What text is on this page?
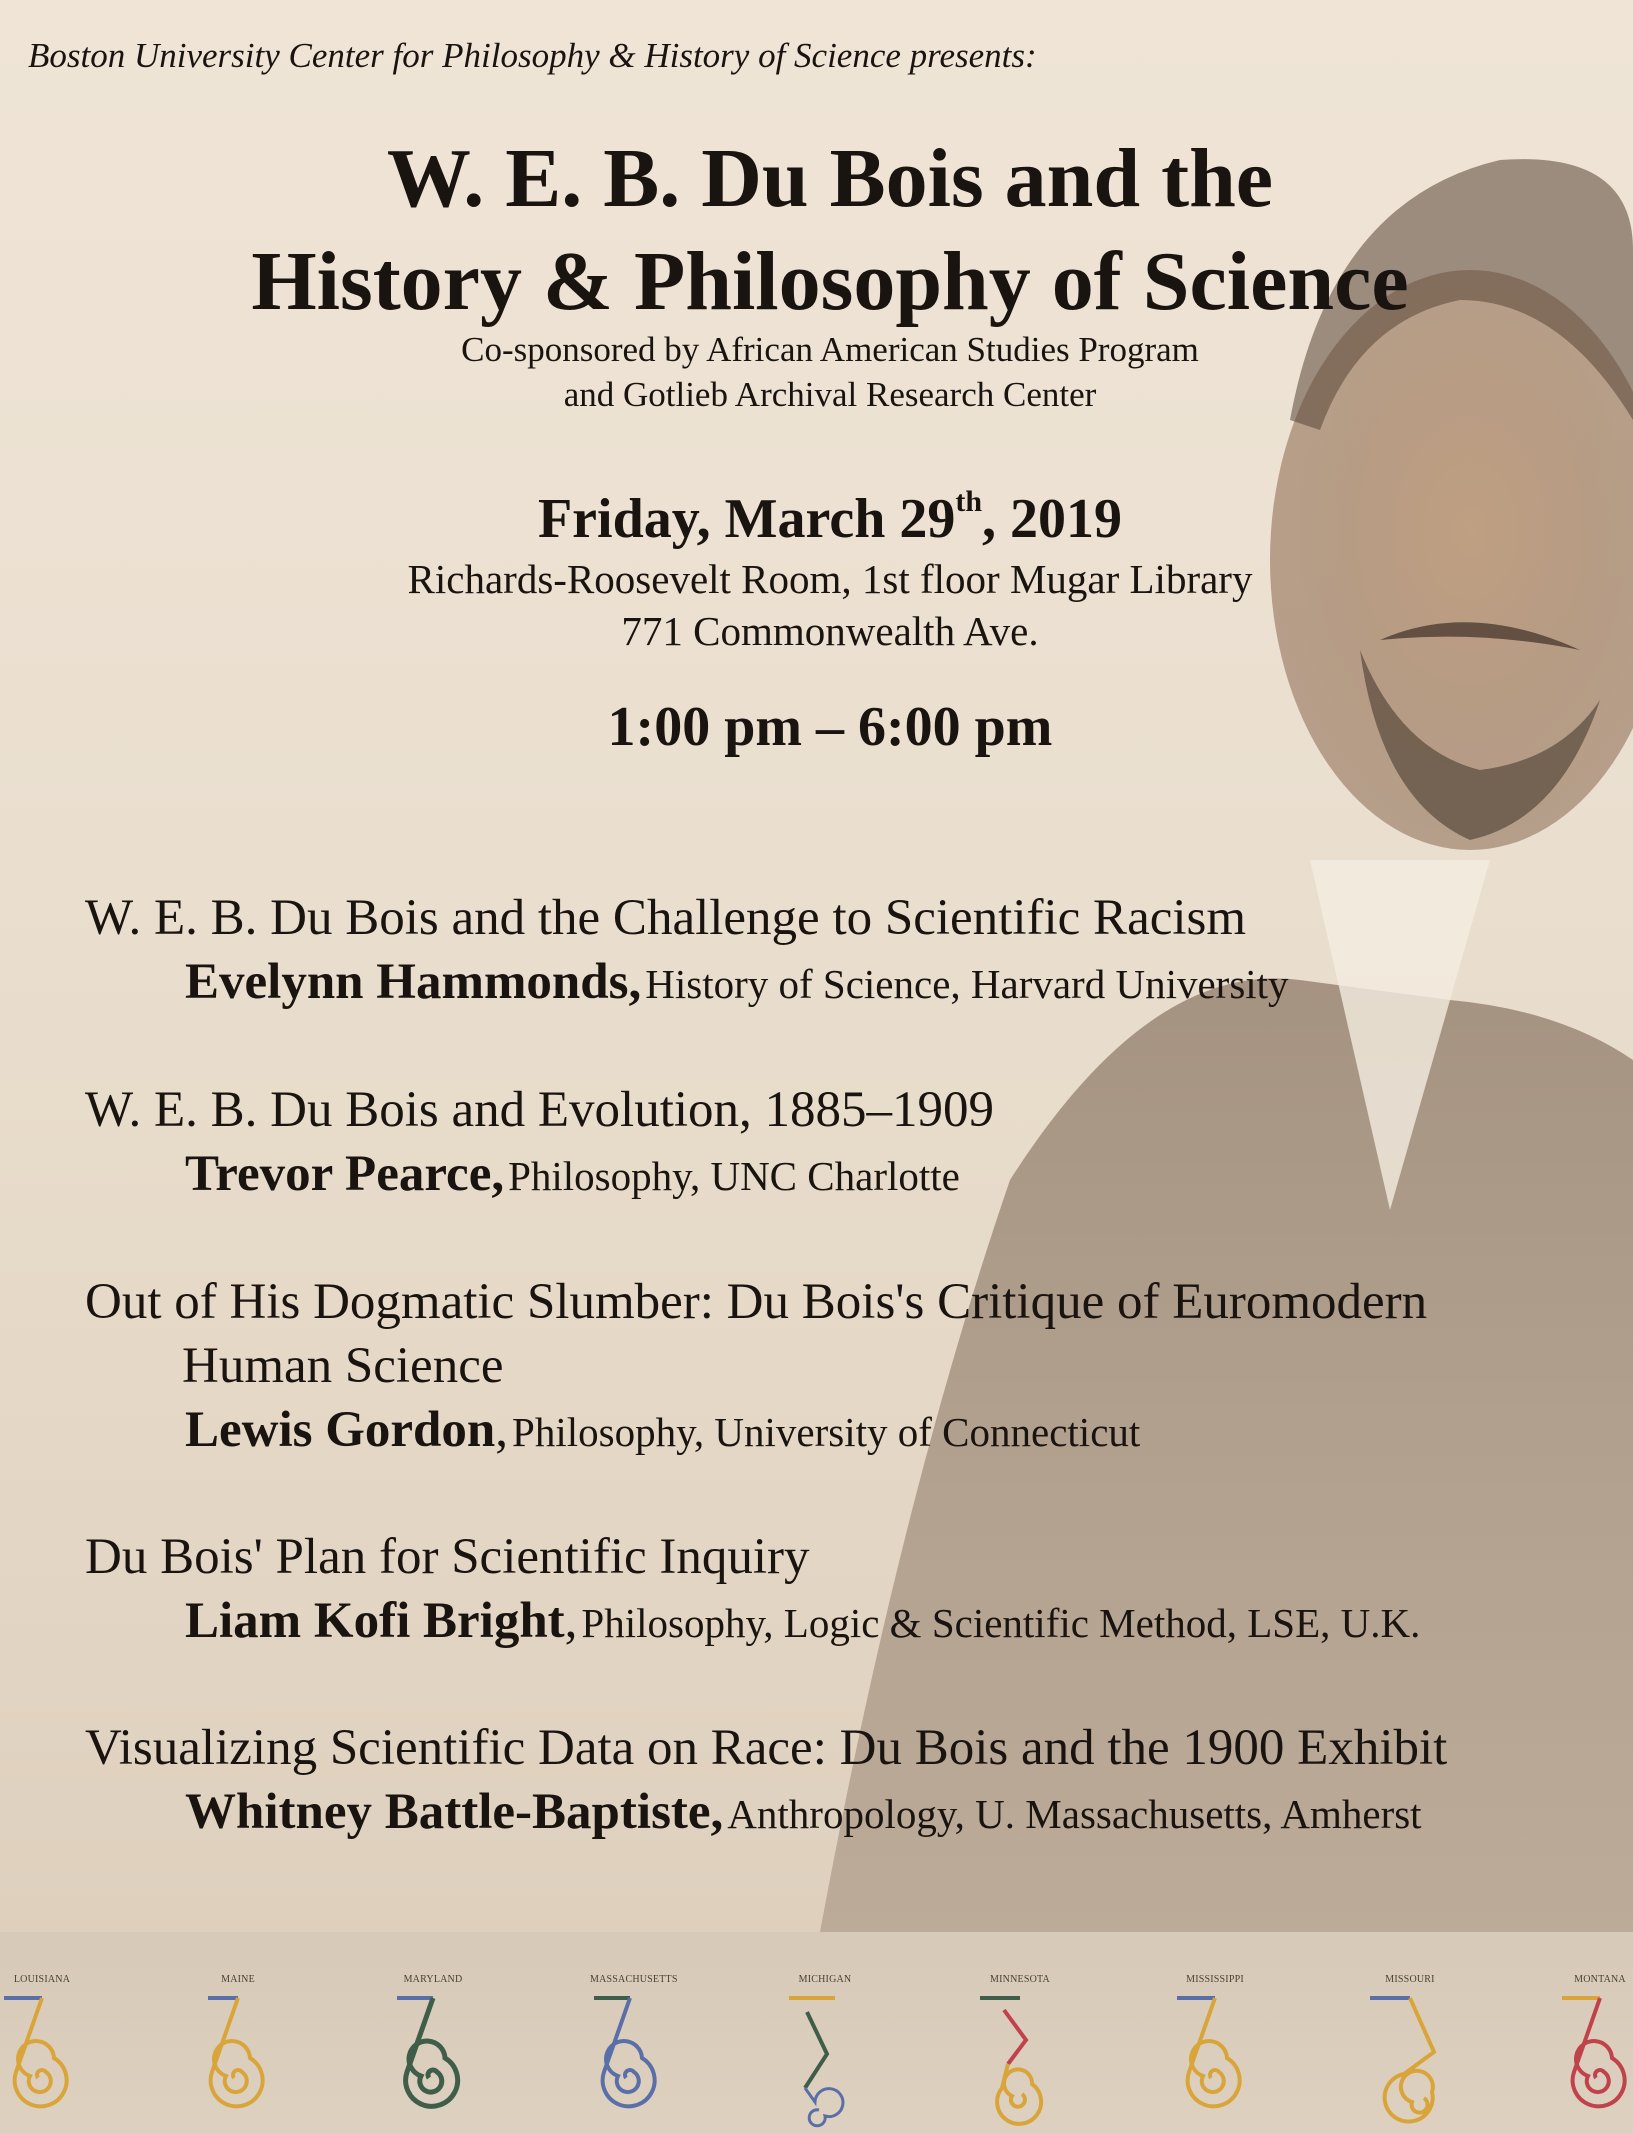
Boston University Center for Philosophy & History of Science presents:
W. E. B. Du Bois and the
History & Philosophy of Science
Co-sponsored by African American Studies Program
and Gotlieb Archival Research Center
Friday, March 29th, 2019
Richards-Roosevelt Room, 1st floor Mugar Library
771 Commonwealth Ave.
1:00 pm – 6:00 pm
W. E. B. Du Bois and the Challenge to Scientific Racism
Evelynn Hammonds, History of Science, Harvard University
W. E. B. Du Bois and Evolution, 1885–1909
Trevor Pearce, Philosophy, UNC Charlotte
Out of His Dogmatic Slumber: Du Bois's Critique of Euromodern
Human Science
Lewis Gordon, Philosophy, University of Connecticut
Du Bois' Plan for Scientific Inquiry
Liam Kofi Bright, Philosophy, Logic & Scientific Method, LSE, U.K.
Visualizing Scientific Data on Race: Du Bois and the 1900 Exhibit
Whitney Battle-Baptiste, Anthropology, U. Massachusetts, Amherst
LOUISIANA	MAINE	MARYLAND	MASSACHUSETTS	MICHIGAN	MINNESOTA	MISSISSIPPI	MISSOURI	MONTANA
